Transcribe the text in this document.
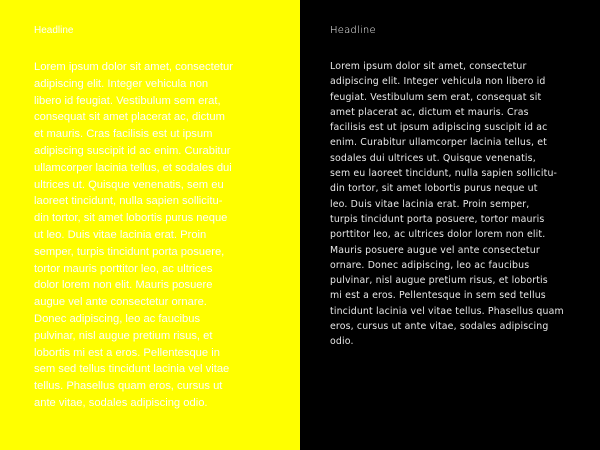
Headline

Lorem ipsum dolor sit amet, consectetur
adipiscing elit. Integer vehicula non
libero id feugiat. Vestibulum sem erat,
consequat sit amet placerat ac, dictum
et mauris. Cras facilisis est ut ipsum
adipiscing suscipit id ac enim. Curabitur
ullamcorper lacinia tellus, et sodales dui
ultrices ut. Quisque venenatis, sem eu
laoreet tincidunt, nulla sapien sollicitu-
din tortor, sit amet lobortis purus neque
ut leo. Duis vitae lacinia erat. Proin
semper, turpis tincidunt porta posuere,
tortor mauris porttitor leo, ac ultrices
dolor lorem non elit. Mauris posuere
augue vel ante consectetur ornare.
Donec adipiscing, leo ac faucibus
pulvinar, nisl augue pretium risus, et
lobortis mi est a eros. Pellentesque in
sem sed tellus tincidunt lacinia vel vitae
tellus. Phasellus quam eros, cursus ut
ante vitae, sodales adipiscing odio.

Headline

Lorem ipsum dolor sit amet, consectetur
adipiscing elit. Integer vehicula non libero id
feugiat. Vestibulum sem erat, consequat sit
amet placerat ac, dictum et mauris. Cras
facilisis est ut ipsum adipiscing suscipit id ac
enim. Curabitur ullamcorper lacinia tellus, et
sodales dui ultrices ut. Quisque venenatis,
sem eu laoreet tincidunt, nulla sapien sollicitu-
din tortor, sit amet lobortis purus neque ut
leo. Duis vitae lacinia erat. Proin semper,
turpis tincidunt porta posuere, tortor mauris
porttitor leo, ac ultrices dolor lorem non elit.
Mauris posuere augue vel ante consectetur
ornare. Donec adipiscing, leo ac faucibus
pulvinar, nisl augue pretium risus, et lobortis
mi est a eros. Pellentesque in sem sed tellus
tincidunt lacinia vel vitae tellus. Phasellus quam
eros, cursus ut ante vitae, sodales adipiscing
odio.
